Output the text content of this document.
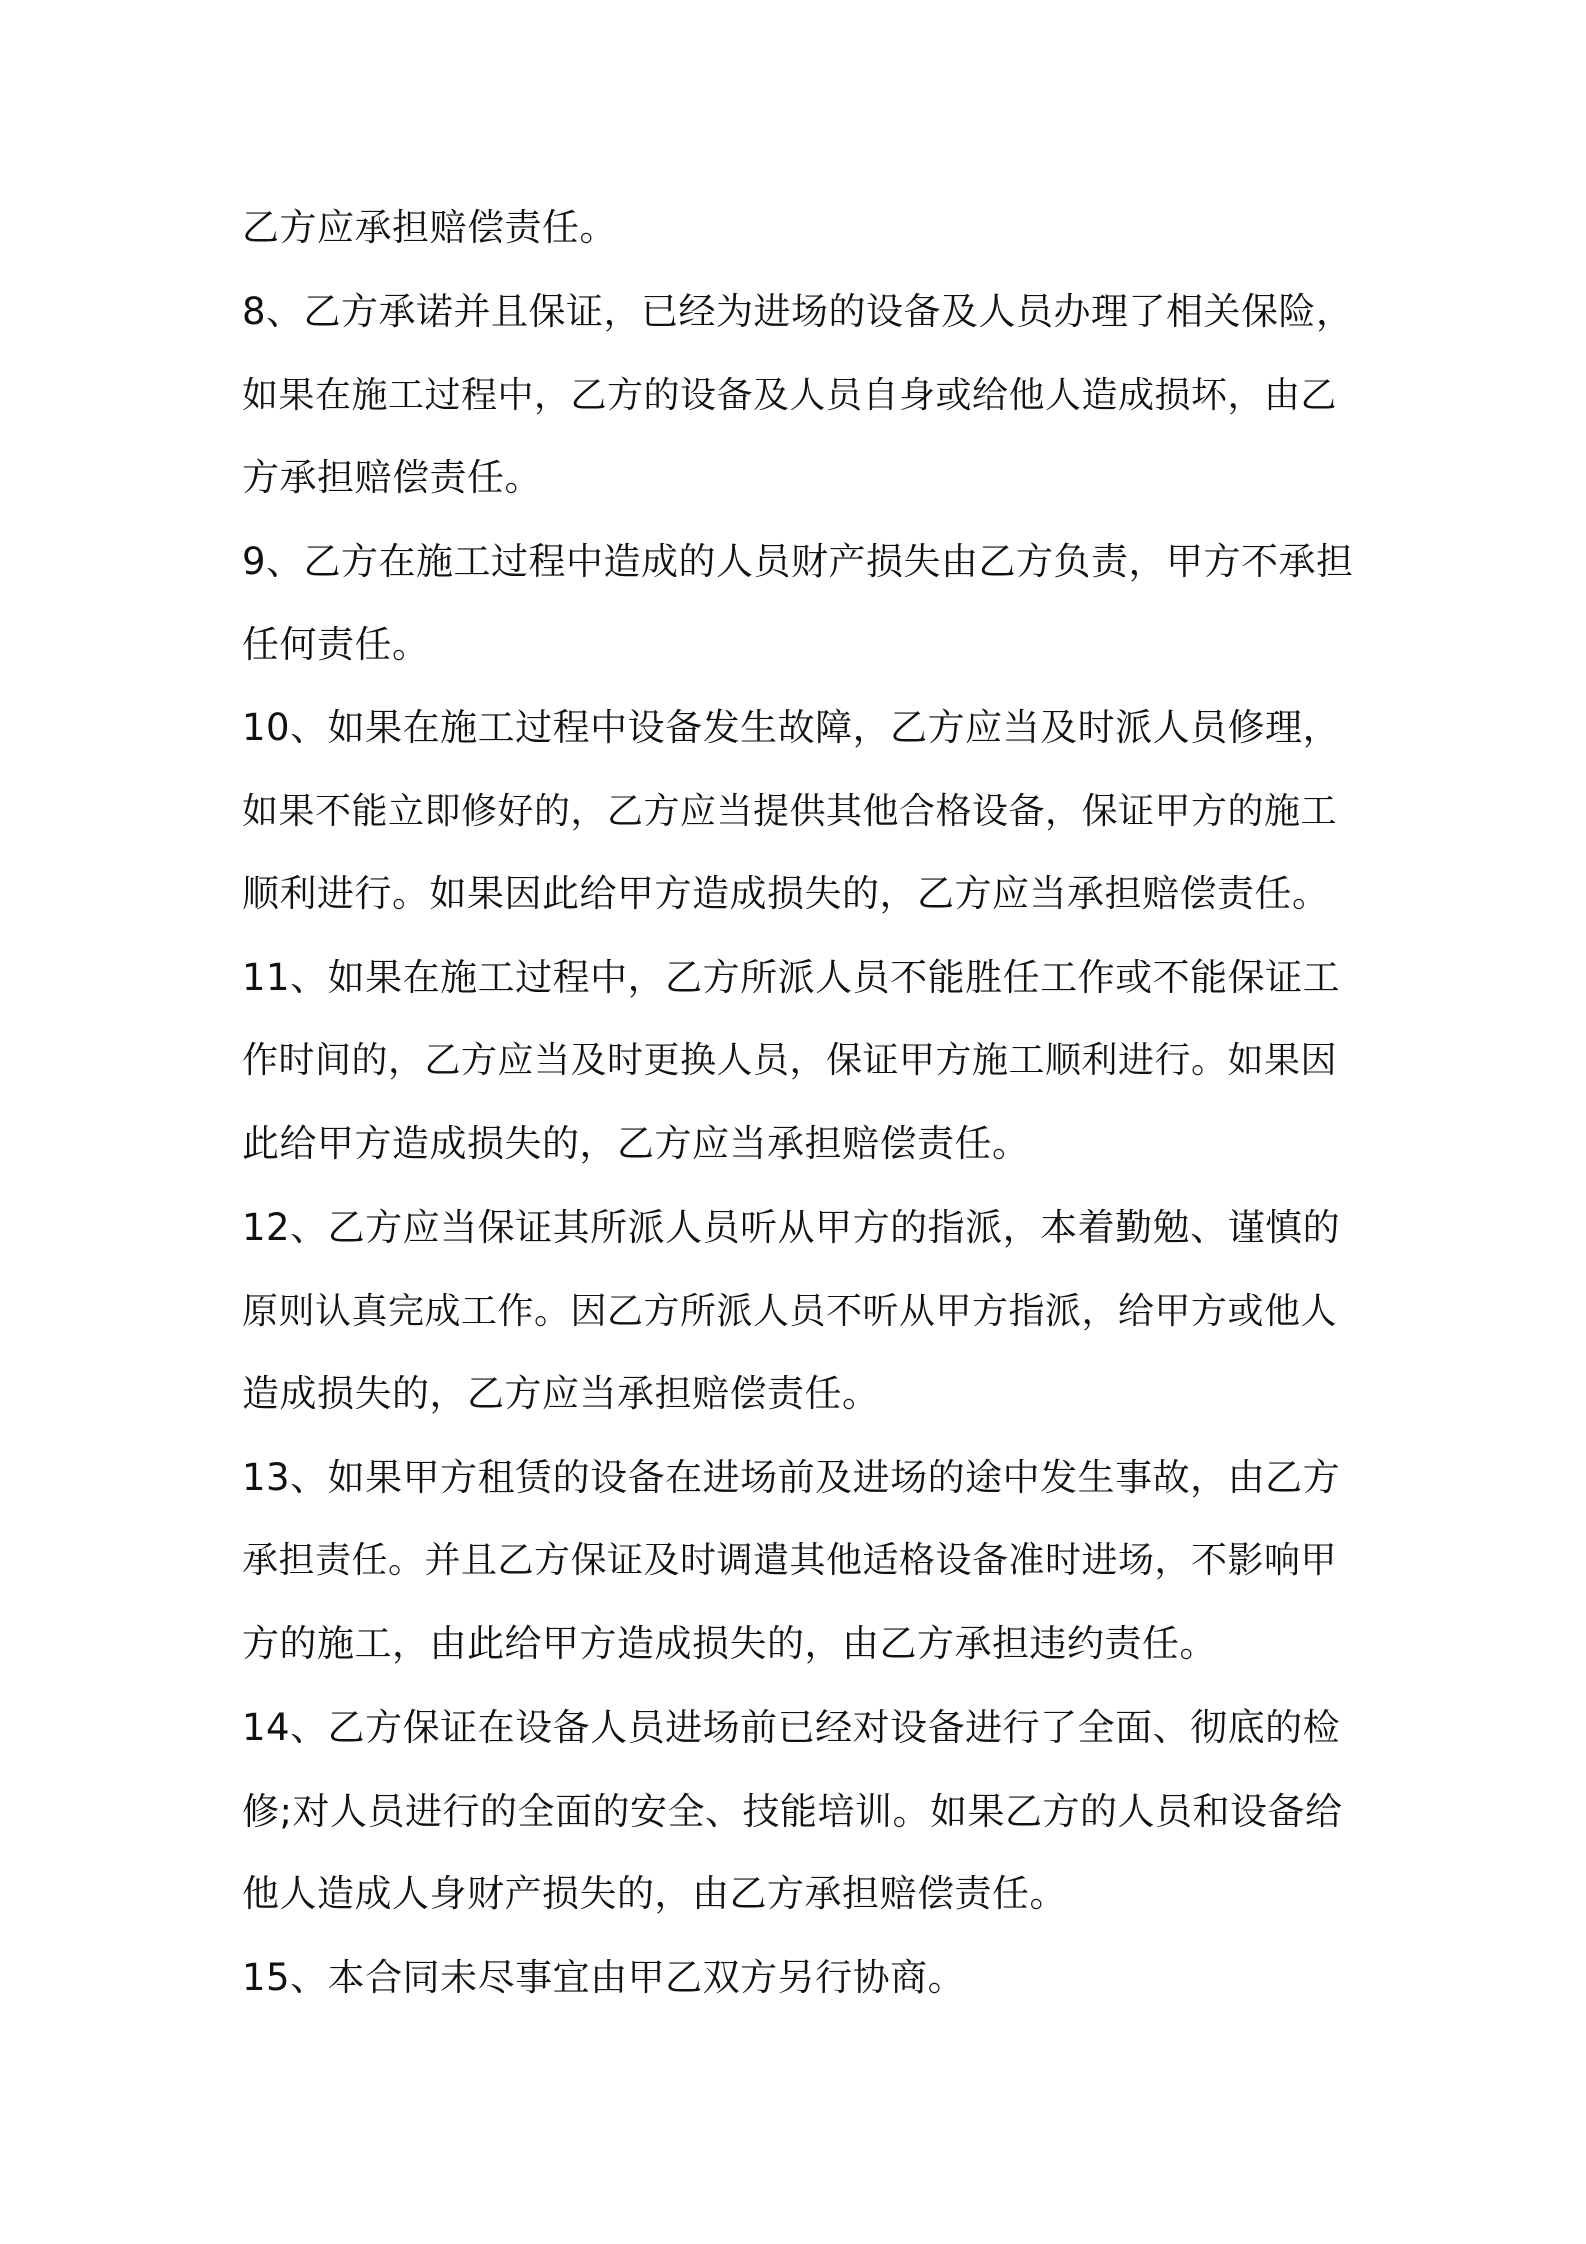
乙方应承担赔偿责任。
8、乙方承诺并且保证，已经为进场的设备及人员办理了相关保险，
如果在施工过程中，乙方的设备及人员自身或给他人造成损坏，由乙
方承担赔偿责任。
9、乙方在施工过程中造成的人员财产损失由乙方负责，甲方不承担
任何责任。
10、如果在施工过程中设备发生故障，乙方应当及时派人员修理，
如果不能立即修好的，乙方应当提供其他合格设备，保证甲方的施工
顺利进行。如果因此给甲方造成损失的，乙方应当承担赔偿责任。
11、如果在施工过程中，乙方所派人员不能胜任工作或不能保证工
作时间的，乙方应当及时更换人员，保证甲方施工顺利进行。如果因
此给甲方造成损失的，乙方应当承担赔偿责任。
12、乙方应当保证其所派人员听从甲方的指派，本着勤勉、谨慎的
原则认真完成工作。因乙方所派人员不听从甲方指派，给甲方或他人
造成损失的，乙方应当承担赔偿责任。
13、如果甲方租赁的设备在进场前及进场的途中发生事故，由乙方
承担责任。并且乙方保证及时调遣其他适格设备准时进场，不影响甲
方的施工，由此给甲方造成损失的，由乙方承担违约责任。
14、乙方保证在设备人员进场前已经对设备进行了全面、彻底的检
修;对人员进行的全面的安全、技能培训。如果乙方的人员和设备给
他人造成人身财产损失的，由乙方承担赔偿责任。
15、本合同未尽事宜由甲乙双方另行协商。
